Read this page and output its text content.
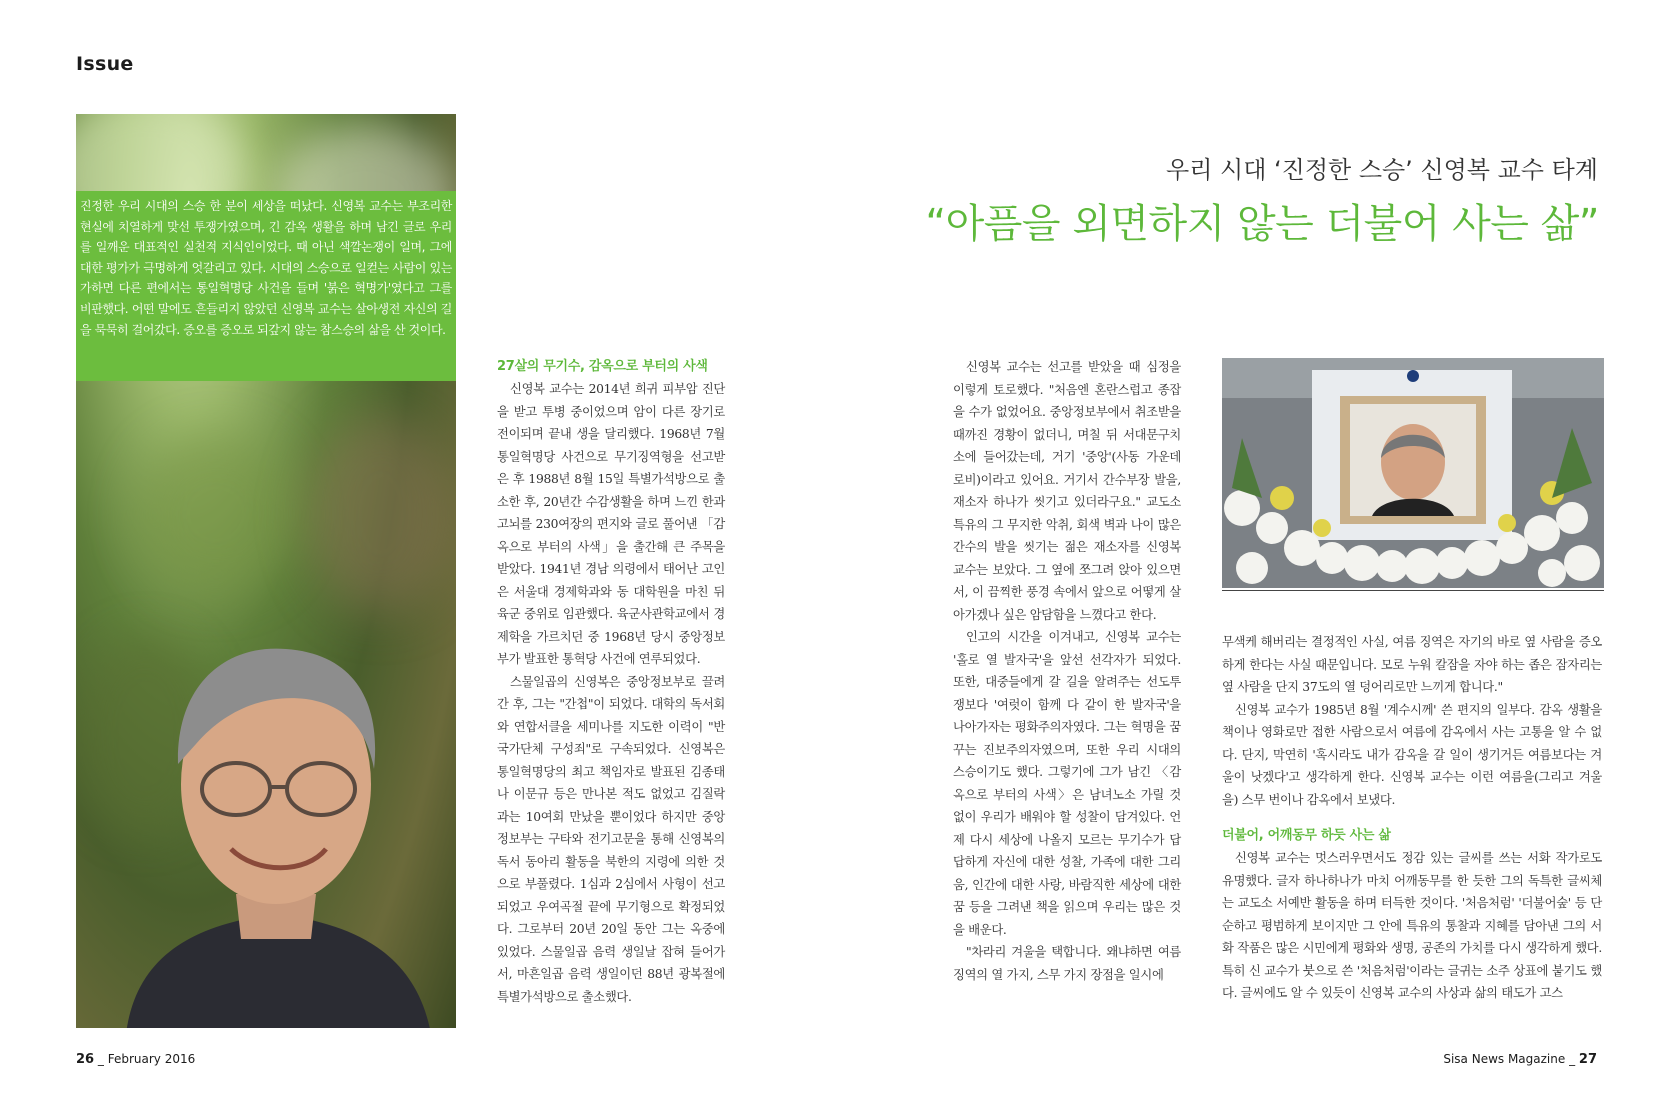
Issue
진정한 우리 시대의 스승 한 분이 세상을 떠났다. 신영복 교수는 부조리한 현실에 치열하게 맞선 투쟁가였으며, 긴 감옥 생활을 하며 남긴 글로 우리를 일깨운 대표적인 실천적 지식인이었다. 때 아닌 색깔논쟁이 일며, 그에 대한 평가가 극명하게 엇갈리고 있다. 시대의 스승으로 일컫는 사람이 있는가하면 다른 편에서는 통일혁명당 사건을 들며 '붉은 혁명가'였다고 그를 비판했다. 어떤 말에도 흔들리지 않았던 신영복 교수는 살아생전 자신의 길을 묵묵히 걸어갔다. 증오를 증오로 되갚지 않는 참스승의 삶을 산 것이다.
우리 시대 ‘진정한 스승’ 신영복 교수 타계
“아픔을 외면하지 않는 더불어 사는 삶”

27살의 무기수, 감옥으로 부터의 사색

신영복 교수는 2014년 희귀 피부암 진단을 받고 투병 중이었으며 암이 다른 장기로 전이되며 끝내 생을 달리했다. 1968년 7월 통일혁명당 사건으로 무기징역형을 선고받은 후 1988년 8월 15일 특별가석방으로 출소한 후, 20년간 수감생활을 하며 느낀 한과 고뇌를 230여장의 편지와 글로 풀어낸 「감옥으로 부터의 사색」을 출간해 큰 주목을 받았다. 1941년 경남 의령에서 태어난 고인은 서울대 경제학과와 동 대학원을 마친 뒤 육군 중위로 임관했다. 육군사관학교에서 경제학을 가르치던 중 1968년 당시 중앙정보부가 발표한 통혁당 사건에 연루되었다.

스물일곱의 신영복은 중앙정보부로 끌려간 후, 그는 "간첩"이 되었다. 대학의 독서회와 연합서클을 세미나를 지도한 이력이 "반국가단체 구성죄"로 구속되었다. 신영복은 통일혁명당의 최고 책임자로 발표된 김종태나 이문규 등은 만나본 적도 없었고 김질락과는 10여회 만났을 뿐이었다 하지만 중앙정보부는 구타와 전기고문을 통해 신영복의 독서 동아리 활동을 북한의 지령에 의한 것으로 부풀렸다. 1심과 2심에서 사형이 선고되었고 우여곡절 끝에 무기형으로 확정되었다. 그로부터 20년 20일 동안 그는 옥중에 있었다. 스물일곱 음력 생일날 잡혀 들어가서, 마흔일곱 음력 생일이던 88년 광복절에 특별가석방으로 출소했다.

신영복 교수는 선고를 받았을 때 심정을 이렇게 토로했다. "처음엔 혼란스럽고 종잡을 수가 없었어요. 중앙정보부에서 취조받을 때까진 경황이 없더니, 며칠 뒤 서대문구치소에 들어갔는데, 거기 '중앙'(사동 가운데 로비)이라고 있어요. 거기서 간수부장 발을, 재소자 하나가 씻기고 있더라구요." 교도소 특유의 그 무지한 악취, 회색 벽과 나이 많은 간수의 발을 씻기는 젊은 재소자를 신영복 교수는 보았다. 그 옆에 쪼그려 앉아 있으면서, 이 끔찍한 풍경 속에서 앞으로 어떻게 살아가겠나 싶은 암담함을 느꼈다고 한다.

인고의 시간을 이겨내고, 신영복 교수는 '홀로 열 발자국'을 앞선 선각자가 되었다. 또한, 대중들에게 갈 길을 알려주는 선도투쟁보다 '여럿이 함께 다 같이 한 발자국'을 나아가자는 평화주의자였다. 그는 혁명을 꿈꾸는 진보주의자였으며, 또한 우리 시대의 스승이기도 했다. 그렇기에 그가 남긴 〈감옥으로 부터의 사색〉은 남녀노소 가릴 것 없이 우리가 배워야 할 성찰이 담겨있다. 언제 다시 세상에 나올지 모르는 무기수가 답답하게 자신에 대한 성찰, 가족에 대한 그리움, 인간에 대한 사랑, 바람직한 세상에 대한 꿈 등을 그려낸 책을 읽으며 우리는 많은 것을 배운다.

"차라리 겨울을 택합니다. 왜냐하면 여름 징역의 열 가지, 스무 가지 장점을 일시에

무색케 해버리는 결정적인 사실, 여름 징역은 자기의 바로 옆 사람을 증오하게 한다는 사실 때문입니다. 모로 누워 칼잠을 자야 하는 좁은 잠자리는 옆 사람을 단지 37도의 열 덩어리로만 느끼게 합니다."

신영복 교수가 1985년 8월 '계수시께' 쓴 편지의 일부다. 감옥 생활을 책이나 영화로만 접한 사람으로서 여름에 감옥에서 사는 고통을 알 수 없다. 단지, 막연히 '혹시라도 내가 감옥을 갈 일이 생기거든 여름보다는 겨울이 낫겠다'고 생각하게 한다. 신영복 교수는 이런 여름을(그리고 겨울을) 스무 번이나 감옥에서 보냈다.

더불어, 어깨동무 하듯 사는 삶

신영복 교수는 멋스러우면서도 정감 있는 글씨를 쓰는 서화 작가로도 유명했다. 글자 하나하나가 마치 어깨동무를 한 듯한 그의 독특한 글씨체는 교도소 서예반 활동을 하며 터득한 것이다. '처음처럼' '더불어숲' 등 단순하고 평범하게 보이지만 그 안에 특유의 통찰과 지혜를 담아낸 그의 서화 작품은 많은 시민에게 평화와 생명, 공존의 가치를 다시 생각하게 했다. 특히 신 교수가 붓으로 쓴 '처음처럼'이라는 글귀는 소주 상표에 붙기도 했다. 글씨에도 알 수 있듯이 신영복 교수의 사상과 삶의 태도가 고스

26 _ February 2016	Sisa News Magazine _ 27
